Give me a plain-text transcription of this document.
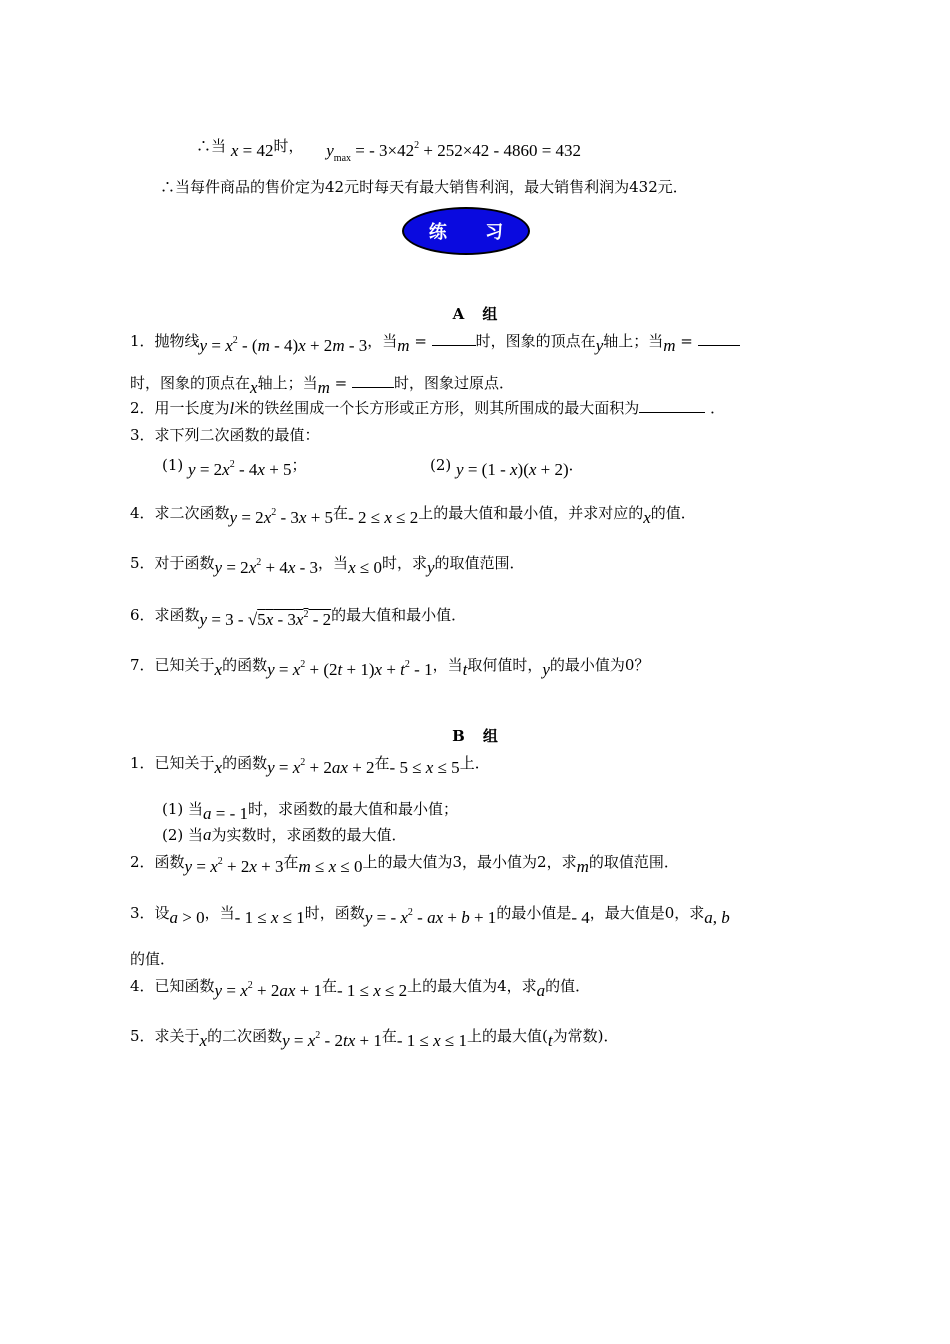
∴当 x = 42时， $y_{max}$ = - $3\times 42^2 + 252\times 42 - 4860 = 432$
∴当每件商品的售价定为42元时每天有最大销售利润，最大销售利润为432元．
练 习
A 组
1．抛物线$y = x^2 - (m - 4)x + 2m - 3$，当m =	时，图象的顶点在y轴上；当m =
时，图象的顶点在x轴上；当m =	时，图象过原点．
2．用一长度为l米的铁丝围成一个长方形或正方形，则其所围成的最大面积为	．
3．求下列二次函数的最值：
(1) $y = 2x^2 - 4x + 5$；	(2) y = (1 - x)(x + 2)．
4．求二次函数$y = 2x^2 - 3x + 5$在- 2 ≤ x ≤ 2上的最大值和最小值，并求对应的x的值．
5．对于函数$y = 2x^2 + 4x - 3$，当x ≤ 0时，求y的取值范围．
6．求函数$y = 3 - √5x - 3x^2 - 2$的最大值和最小值．
7．已知关于x的函数$y = x^2 + (2t + 1)x + t^2 - 1$，当t取何值时，y的最小值为0？
B 组
1．已知关于x的函数$y = x^2 + 2ax + 2$在- 5 ≤ x ≤ 5上．
(1) 当a = - 1时，求函数的最大值和最小值；
(2) 当a为实数时，求函数的最大值．
2．函数$y = x^2 + 2x + 3$在m ≤ x ≤ 0上的最大值为3，最小值为2，求m的取值范围．
3．设a > 0，当- 1 ≤ x ≤ 1时，函数y = - $x^2$ - ax + b + 1的最小值是- 4，最大值是0，求a, b
的值．
4．已知函数$y = x^2 + 2ax + 1$在- 1 ≤ x ≤ 2上的最大值为4，求a的值．
5．求关于x的二次函数$y = x^2 - 2tx + 1$在- 1 ≤ x ≤ 1上的最大值(t为常数)．
